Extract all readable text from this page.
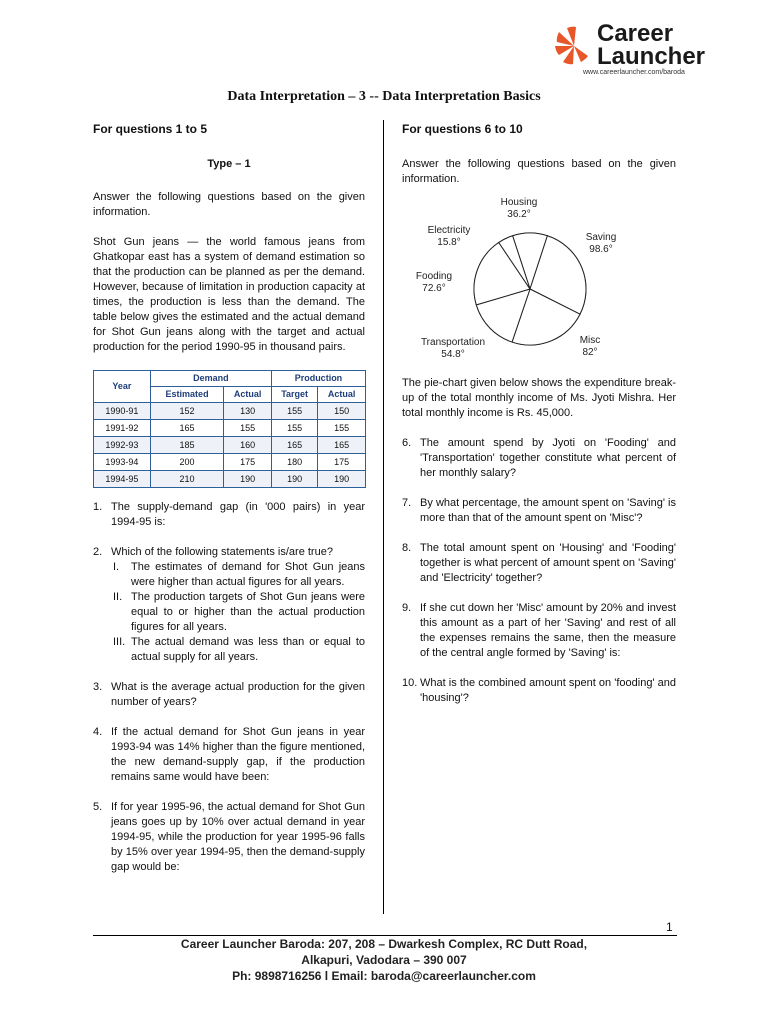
Career
Launcher
www.careerlauncher.com/baroda
Data Interpretation – 3 -- Data Interpretation Basics
For questions 1 to 5
Type – 1
Answer the following questions based on the given information.
Shot Gun jeans — the world famous jeans from Ghatkopar east has a system of demand estimation so that the production can be planned as per the demand. However, because of limitation in production capacity at times, the production is less than the demand. The table below gives the estimated and the actual demand for Shot Gun jeans along with the target and actual production for the period 1990-95 in thousand pairs.
Year	Demand		Production	
	Estimated	Actual	Target	Actual
1990-91	152	130	155	150
1991-92	165	155	155	155
1992-93	185	160	165	165
1993-94	200	175	180	175
1994-95	210	190	190	190
1. The supply-demand gap (in '000 pairs) in year 1994-95 is:
2. Which of the following statements is/are true?
I. The estimates of demand for Shot Gun jeans were higher than actual figures for all years.
II. The production targets of Shot Gun jeans were equal to or higher than the actual production figures for all years.
III. The actual demand was less than or equal to actual supply for all years.
3. What is the average actual production for the given number of years?
4. If the actual demand for Shot Gun jeans in year 1993-94 was 14% higher than the figure mentioned, the new demand-supply gap, if the production remains same would have been:
5. If for year 1995-96, the actual demand for Shot Gun jeans goes up by 10% over actual demand in year 1994-95, while the production for year 1995-96 falls by 15% over year 1994-95, then the demand-supply gap would be:
For questions 6 to 10
Answer the following questions based on the given information.
Housing
36.2°
Saving
98.6°
Misc
82°
Transportation
54.8°
Fooding
72.6°
Electricity
15.8°
The pie-chart given below shows the expenditure break-up of the total monthly income of Ms. Jyoti Mishra. Her total monthly income is Rs. 45,000.
6. The amount spend by Jyoti on 'Fooding' and 'Transportation' together constitute what percent of her monthly salary?
7. By what percentage, the amount spent on 'Saving' is more than that of the amount spent on 'Misc'?
8. The total amount spent on 'Housing' and 'Fooding' together is what percent of amount spent on 'Saving' and 'Electricity' together?
9. If she cut down her 'Misc' amount by 20% and invest this amount as a part of her 'Saving' and rest of all the expenses remains the same, then the measure of the central angle formed by 'Saving' is:
10. What is the combined amount spent on 'fooding' and 'housing'?
1
Career Launcher Baroda: 207, 208 – Dwarkesh Complex, RC Dutt Road,
Alkapuri, Vadodara – 390 007
Ph: 9898716256 l Email: baroda@careerlauncher.com
